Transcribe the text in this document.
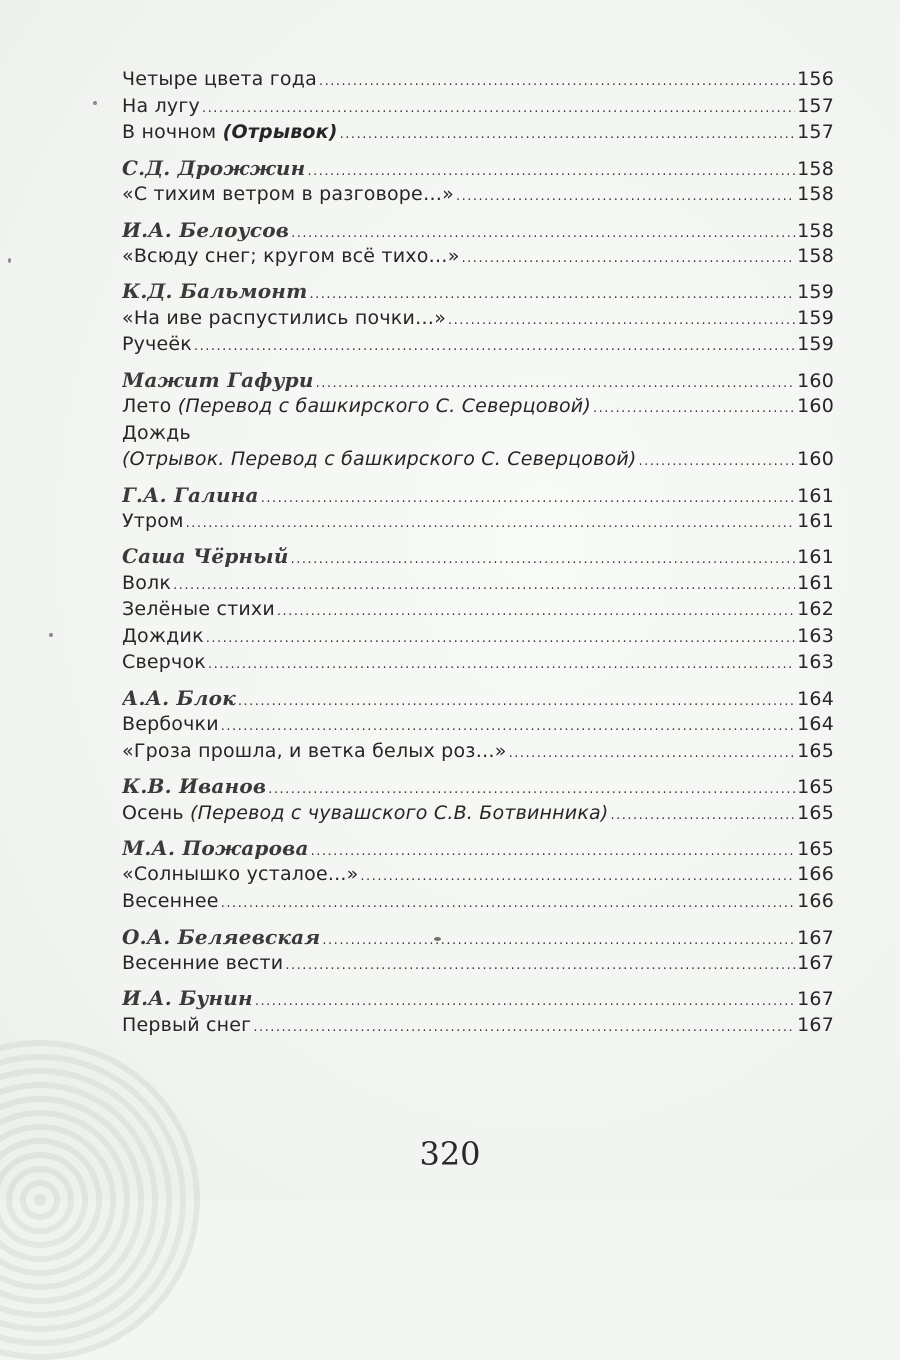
Четыре цвета года .....	156
На лугу .....	157
В ночном (Отрывок) .....	157
С.Д. Дрожжин .....	158
«С тихим ветром в разговоре…» .....	158
И.А. Белоусов .....	158
«Всюду снег; кругом всё тихо…» .....	158
К.Д. Бальмонт .....	159
«На иве распустились почки…» .....	159
Ручеёк .....	159
Мажит Гафури .....	160
Лето (Перевод с башкирского С. Северцовой) .....	160
Дождь
(Отрывок. Перевод с башкирского С. Северцовой) .....	160
Г.А. Галина .....	161
Утром .....	161
Саша Чёрный .....	161
Волк .....	161
Зелёные стихи .....	162
Дождик .....	163
Сверчок .....	163
А.А. Блок .....	164
Вербочки .....	164
«Гроза прошла, и ветка белых роз…» .....	165
К.В. Иванов .....	165
Осень (Перевод с чувашского С.В. Ботвинника) .....	165
М.А. Пожарова .....	165
«Солнышко усталое...» .....	166
Весеннее .....	166
О.А. Беляевская .....	167
Весенние вести .....	167
И.А. Бунин .....	167
Первый снег .....	167
320
